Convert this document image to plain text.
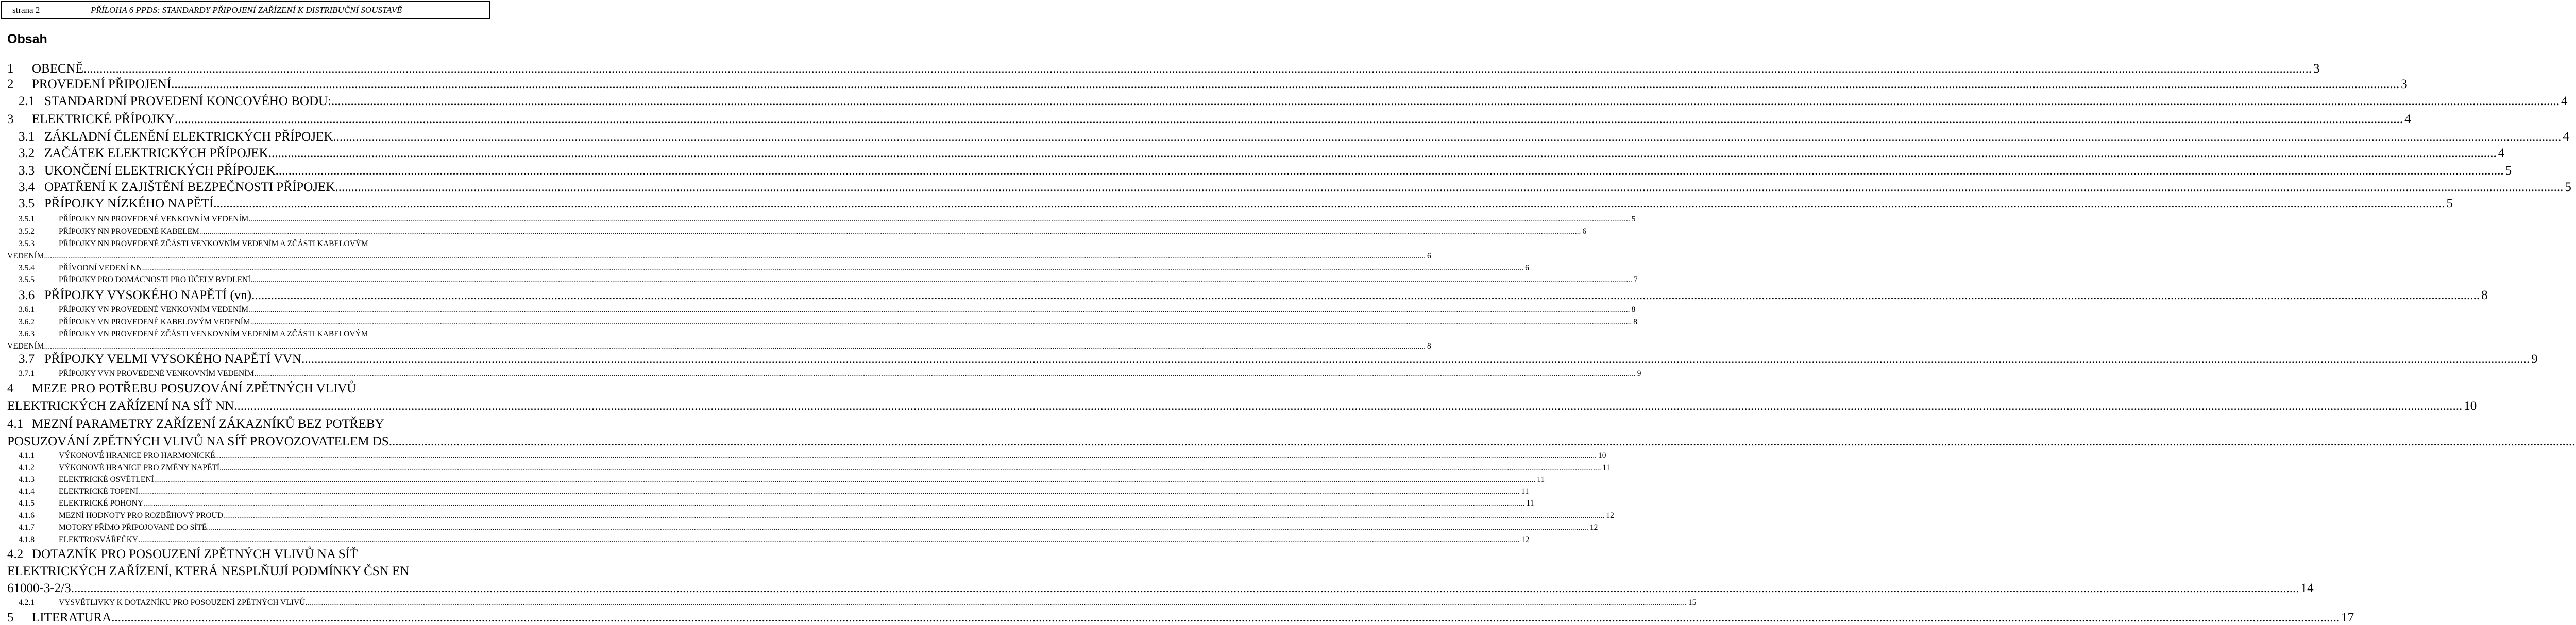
strana 2	PŘÍLOHA 6 PPDS: STANDARDY PŘIPOJENÍ ZAŘÍZENÍ K DISTRIBUČNÍ SOUSTAVĚ
Obsah
1	OBECNĚ .....	3
2	PROVEDENÍ PŘIPOJENÍ .....	3
2.1 STANDARDNÍ PROVEDENÍ KONCOVÉHO BODU: .....	4
3	ELEKTRICKÉ PŘÍPOJKY .....	4
3.1 ZÁKLADNÍ ČLENĚNÍ ELEKTRICKÝCH PŘÍPOJEK .....	4
3.2 ZAČÁTEK ELEKTRICKÝCH PŘÍPOJEK .....	4
3.3 UKONČENÍ ELEKTRICKÝCH PŘÍPOJEK .....	5
3.4 OPATŘENÍ K ZAJIŠTĚNÍ BEZPEČNOSTI PŘÍPOJEK .....	5
3.5 PŘÍPOJKY NÍZKÉHO NAPĚTÍ. .....	5
3.5.1	PŘÍPOJKY NN PROVEDENÉ VENKOVNÍM VEDENÍM .....	5
3.5.2	PŘÍPOJKY NN PROVEDENÉ KABELEM .....	6
3.5.3	PŘÍPOJKY NN PROVEDENÉ ZČÁSTI VENKOVNÍM VEDENÍM A ZČÁSTI KABELOVÝM
VEDENÍM .....	6
3.5.4	PŘÍVODNÍ VEDENÍ NN .....	6
3.5.5	PŘÍPOJKY PRO DOMÁCNOSTI PRO ÚČELY BYDLENÍ .....	7
3.6 PŘÍPOJKY VYSOKÉHO NAPĚTÍ (vn) .....	8
3.6.1	PŘÍPOJKY VN PROVEDENÉ VENKOVNÍM VEDENÍM .....	8
3.6.2	PŘÍPOJKY VN PROVEDENÉ KABELOVÝM VEDENÍM .....	8
3.6.3	PŘÍPOJKY VN PROVEDENÉ ZČÁSTI VENKOVNÍM VEDENÍM A ZČÁSTI KABELOVÝM
VEDENÍM .....	8
3.7 PŘÍPOJKY VELMI VYSOKÉHO NAPĚTÍ VVN .....	9
3.7.1	PŘÍPOJKY VVN PROVEDENÉ VENKOVNÍM VEDENÍM .....	9
4	MEZE PRO POTŘEBU POSUZOVÁNÍ ZPĚTNÝCH VLIVŮ
ELEKTRICKÝCH ZAŘÍZENÍ NA SÍŤ NN .....	10
4.1 MEZNÍ PARAMETRY ZAŘÍZENÍ ZÁKAZNÍKŮ BEZ POTŘEBY
POSUZOVÁNÍ ZPĚTNÝCH VLIVŮ NA SÍŤ PROVOZOVATELEM DS.
.....
4.1.1	VÝKONOVÉ HRANICE PRO HARMONICKÉ .....	10
4.1.2	VÝKONOVÉ HRANICE PRO ZMĚNY NAPĚTÍ .....	11
4.1.3	ELEKTRICKÉ OSVĚTLENÍ .....	11
4.1.4	ELEKTRICKÉ TOPENÍ .....	11
4.1.5	ELEKTRICKÉ POHONY .....	11
4.1.6	MEZNÍ HODNOTY PRO ROZBĚHOVÝ PROUD .....	12
4.1.7	MOTORY PŘÍMO PŘIPOJOVANÉ DO SÍTĚ .....	12
4.1.8	ELEKTROSVÁŘEČKY .....	12
4.2 DOTAZNÍK PRO POSOUZENÍ ZPĚTNÝCH VLIVŮ NA SÍŤ
ELEKTRICKÝCH ZAŘÍZENÍ, KTERÁ NESPLŇUJÍ PODMÍNKY ČSN EN
61000-3-2/3 .....	14
4.2.1	VYSVĚTLIVKY K DOTAZNÍKU PRO POSOUZENÍ ZPĚTNÝCH VLIVŮ .....	15
5	LITERATURA .....	17
